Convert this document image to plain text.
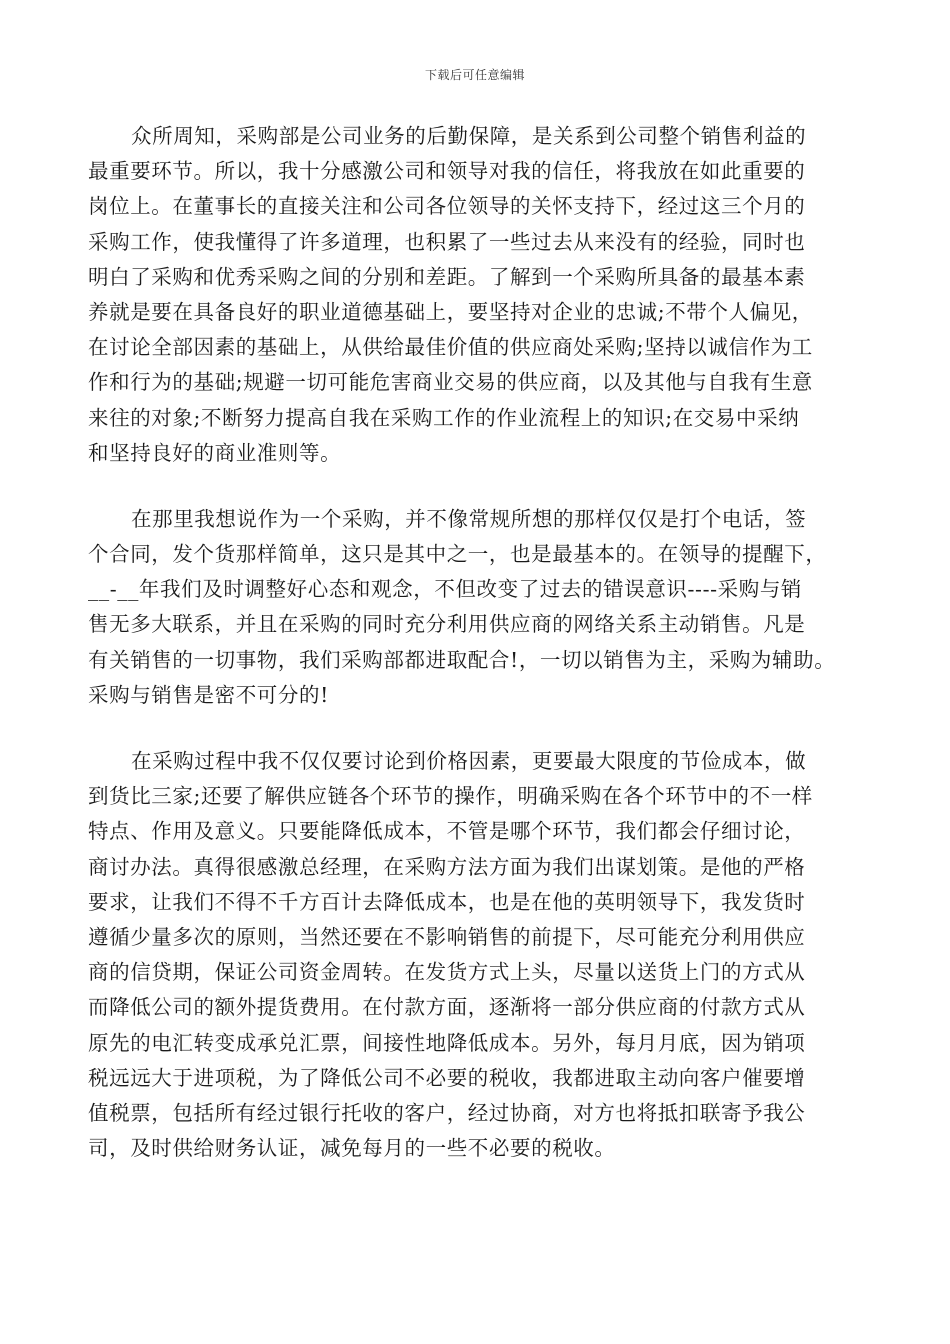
下载后可任意编辑
众所周知，采购部是公司业务的后勤保障，是关系到公司整个销售利益的
最重要环节。所以，我十分感激公司和领导对我的信任，将我放在如此重要的
岗位上。在董事长的直接关注和公司各位领导的关怀支持下，经过这三个月的
采购工作，使我懂得了许多道理，也积累了一些过去从来没有的经验，同时也
明白了采购和优秀采购之间的分别和差距。了解到一个采购所具备的最基本素
养就是要在具备良好的职业道德基础上，要坚持对企业的忠诚;不带个人偏见，
在讨论全部因素的基础上，从供给最佳价值的供应商处采购;坚持以诚信作为工
作和行为的基础;规避一切可能危害商业交易的供应商，以及其他与自我有生意
来往的对象;不断努力提高自我在采购工作的作业流程上的知识;在交易中采纳
和坚持良好的商业准则等。
在那里我想说作为一个采购，并不像常规所想的那样仅仅是打个电话，签
个合同，发个货那样简单，这只是其中之一，也是最基本的。在领导的提醒下，
__-__年我们及时调整好心态和观念，不但改变了过去的错误意识----采购与销
售无多大联系，并且在采购的同时充分利用供应商的网络关系主动销售。凡是
有关销售的一切事物，我们采购部都进取配合!，一切以销售为主，采购为辅助。
采购与销售是密不可分的!
在采购过程中我不仅仅要讨论到价格因素，更要最大限度的节俭成本，做
到货比三家;还要了解供应链各个环节的操作，明确采购在各个环节中的不一样
特点、作用及意义。只要能降低成本，不管是哪个环节，我们都会仔细讨论，
商讨办法。真得很感激总经理，在采购方法方面为我们出谋划策。是他的严格
要求，让我们不得不千方百计去降低成本，也是在他的英明领导下，我发货时
遵循少量多次的原则，当然还要在不影响销售的前提下，尽可能充分利用供应
商的信贷期，保证公司资金周转。在发货方式上头，尽量以送货上门的方式从
而降低公司的额外提货费用。在付款方面，逐渐将一部分供应商的付款方式从
原先的电汇转变成承兑汇票，间接性地降低成本。另外，每月月底，因为销项
税远远大于进项税，为了降低公司不必要的税收，我都进取主动向客户催要增
值税票，包括所有经过银行托收的客户，经过协商，对方也将抵扣联寄予我公
司，及时供给财务认证，减免每月的一些不必要的税收。
